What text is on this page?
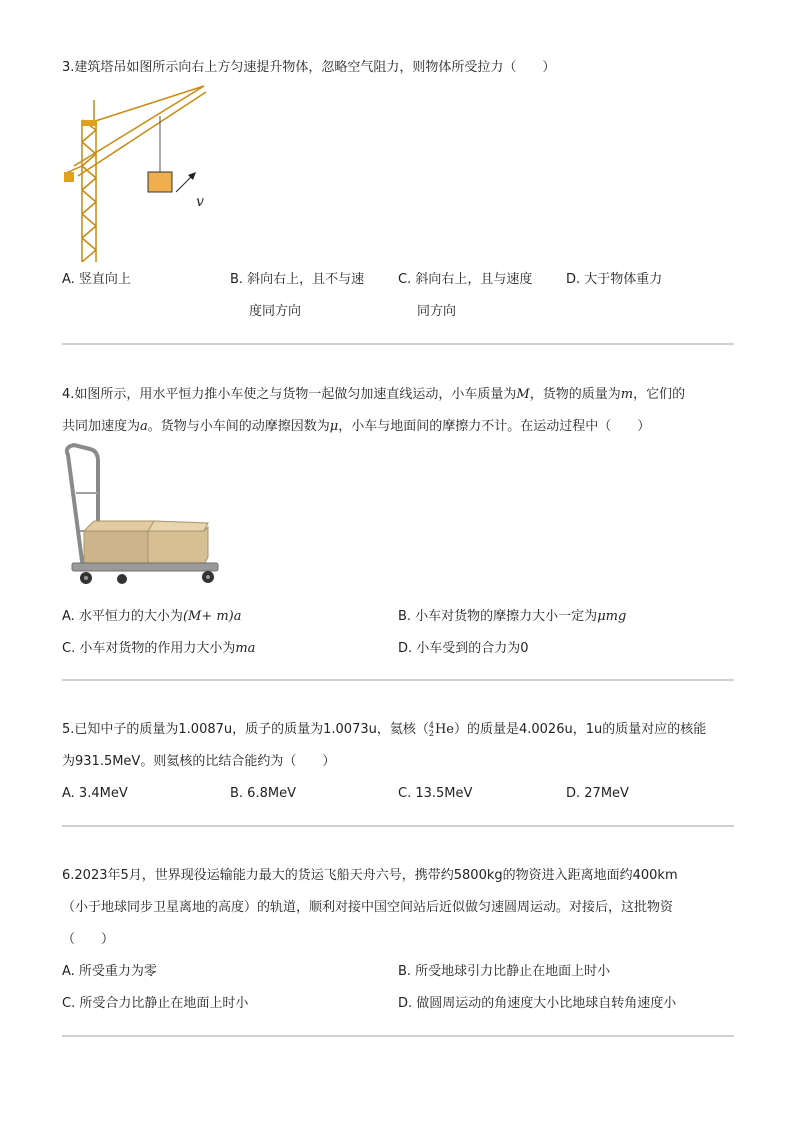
3.建筑塔吊如图所示向右上方匀速提升物体，忽略空气阻力，则物体所受拉力（　　）
v
A. 竖直向上	B. 斜向右上，且不与速
度同方向
C. 斜向右上，且与速度
同方向
D. 大于物体重力
4.如图所示，用水平恒力推小车使之与货物一起做匀加速直线运动，小车质量为M，货物的质量为m，它们的
共同加速度为a。货物与小车间的动摩擦因数为μ，小车与地面间的摩擦力不计。在运动过程中（　　）
A. 水平恒力的大小为(M+ m)a	B. 小车对货物的摩擦力大小一定为μmg
C. 小车对货物的作用力大小为ma	D. 小车受到的合力为0
5.已知中子的质量为1.0087u，质子的质量为1.0073u，氦核（ 4
2 He）的质量是4.0026u，1u的质量对应的核能
为931.5MeV。则氦核的比结合能约为（　　）
A. 3.4MeV	B. 6.8MeV	C. 13.5MeV	D. 27MeV
6.2023年5月，世界现役运输能力最大的货运飞船天舟六号，携带约5800kg的物资进入距离地面约400km
（小于地球同步卫星离地的高度）的轨道，顺利对接中国空间站后近似做匀速圆周运动。对接后，这批物资
（　　）
A. 所受重力为零	B. 所受地球引力比静止在地面上时小
C. 所受合力比静止在地面上时小	D. 做圆周运动的角速度大小比地球自转角速度小
